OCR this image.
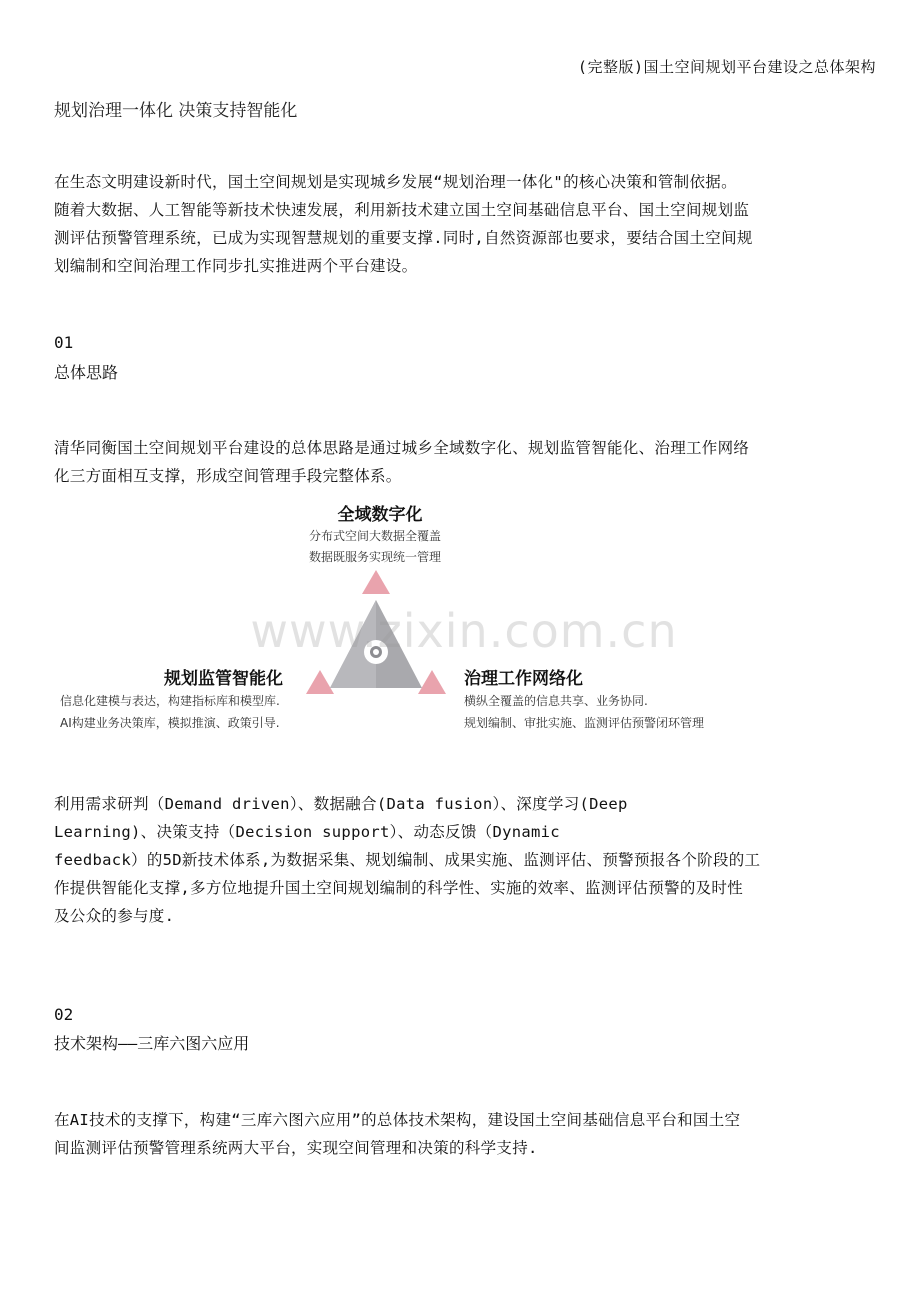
(完整版)国土空间规划平台建设之总体架构
规划治理一体化 决策支持智能化
在生态文明建设新时代，国土空间规划是实现城乡发展“规划治理一体化"的核心决策和管制依据。
随着大数据、人工智能等新技术快速发展，利用新技术建立国土空间基础信息平台、国土空间规划监
测评估预警管理系统，已成为实现智慧规划的重要支撑.同时,自然资源部也要求，要结合国土空间规
划编制和空间治理工作同步扎实推进两个平台建设。
01
总体思路
清华同衡国土空间规划平台建设的总体思路是通过城乡全域数字化、规划监管智能化、治理工作网络
化三方面相互支撑，形成空间管理手段完整体系。
www.zixin.com.cn
全域数字化
分布式空间大数据全覆盖
数据既服务实现统一管理
规划监管智能化
信息化建模与表达，构建指标库和模型库.
AI构建业务决策库，模拟推演、政策引导.
治理工作网络化
横纵全覆盖的信息共享、业务协同.
规划编制、审批实施、监测评估预警闭环管理
利用需求研判（Demand driven）、数据融合(Data fusion）、深度学习(Deep
Learning)、决策支持（Decision support）、动态反馈（Dynamic
feedback）的5D新技术体系,为数据采集、规划编制、成果实施、监测评估、预警预报各个阶段的工
作提供智能化支撑,多方位地提升国土空间规划编制的科学性、实施的效率、监测评估预警的及时性
及公众的参与度.
02
技术架构——三库六图六应用
在AI技术的支撑下，构建“三库六图六应用”的总体技术架构，建设国土空间基础信息平台和国土空
间监测评估预警管理系统两大平台，实现空间管理和决策的科学支持.
